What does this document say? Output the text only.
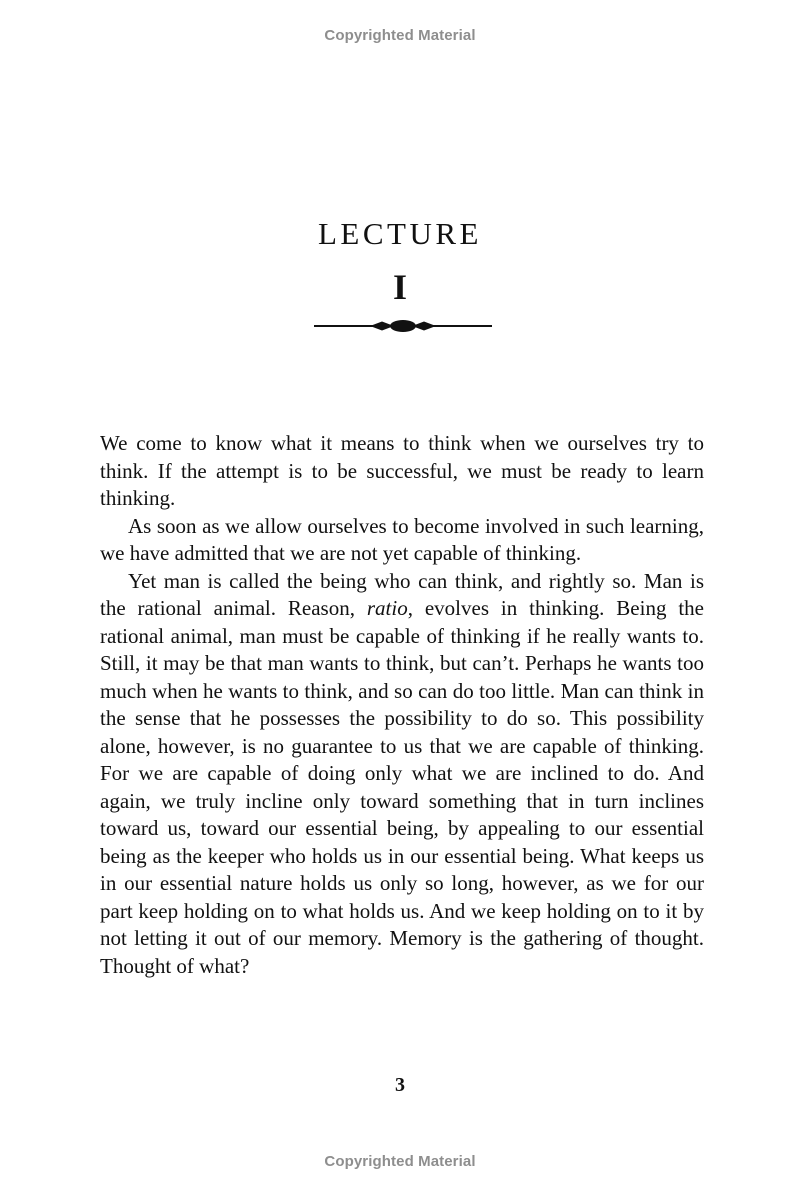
Copyrighted Material
LECTURE
I

We come to know what it means to think when we ourselves try to think. If the attempt is to be successful, we must be ready to learn thinking.

As soon as we allow ourselves to become involved in such learning, we have admitted that we are not yet capable of thinking.

Yet man is called the being who can think, and rightly so. Man is the rational animal. Reason, ratio, evolves in thinking. Being the rational animal, man must be capable of thinking if he really wants to. Still, it may be that man wants to think, but can’t. Perhaps he wants too much when he wants to think, and so can do too little. Man can think in the sense that he possesses the possibility to do so. This possibility alone, however, is no guarantee to us that we are capable of thinking. For we are capable of doing only what we are inclined to do. And again, we truly incline only toward something that in turn inclines toward us, toward our essential being, by appealing to our essential being as the keeper who holds us in our essential being. What keeps us in our essential nature holds us only so long, however, as we for our part keep holding on to what holds us. And we keep holding on to it by not letting it out of our memory. Memory is the gathering of thought. Thought of what?

3
Copyrighted Material
